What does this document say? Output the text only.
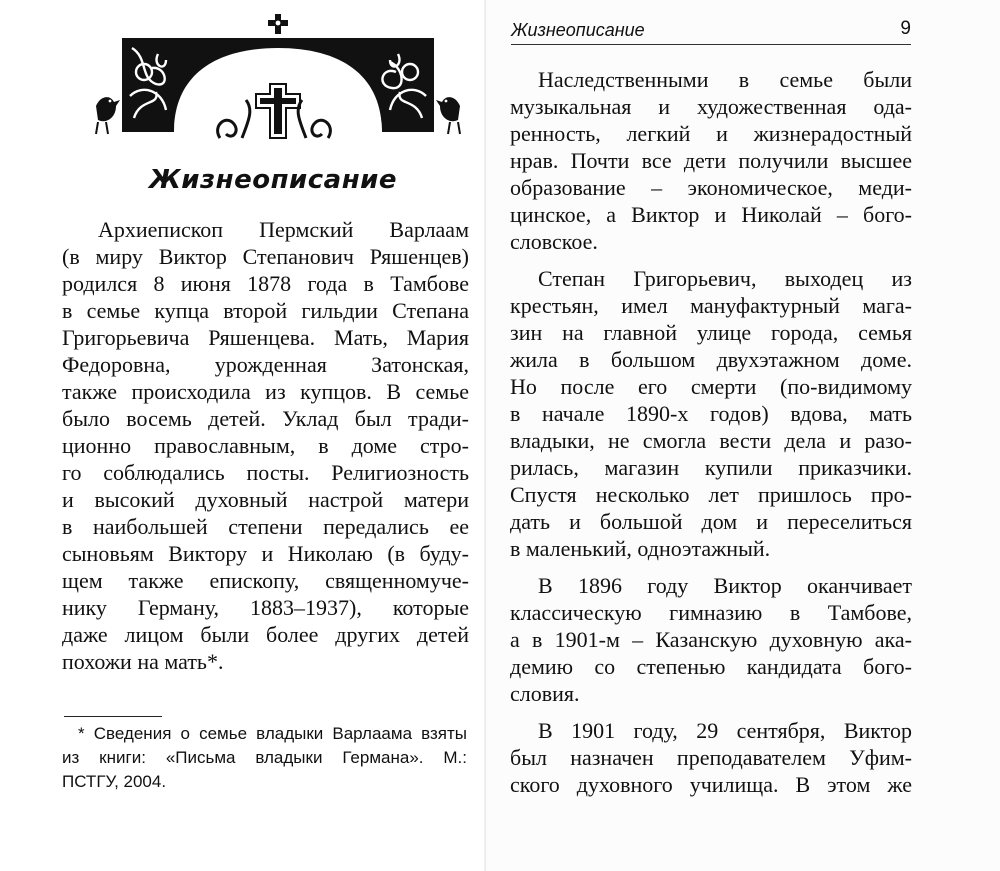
Жизнеописание
Архиепископ Пермский Варлаам
(в миру Виктор Степанович Ряшенцев)
родился 8 июня 1878 года в Тамбове
в семье купца второй гильдии Степана
Григорьевича Ряшенцева. Мать, Мария
Федоровна, урожденная Затонская,
также происходила из купцов. В семье
было восемь детей. Уклад был тради-
ционно православным, в доме стро-
го соблюдались посты. Религиозность
и высокий духовный настрой матери
в наибольшей степени передались ее
сыновьям Виктору и Николаю (в буду-
щем также епископу, священномуче-
нику Герману, 1883–1937), которые
даже лицом были более других детей
похожи на мать*.
* Сведения о семье владыки Варлаама взяты
из книги: «Письма владыки Германа». М.:
ПСТГУ, 2004.
Жизнеописание	9
Наследственными в семье были
музыкальная и художественная ода-
ренность, легкий и жизнерадостный
нрав. Почти все дети получили высшее
образование – экономическое, меди-
цинское, а Виктор и Николай – бого-
словское.
Степан Григорьевич, выходец из
крестьян, имел мануфактурный мага-
зин на главной улице города, семья
жила в большом двухэтажном доме.
Но после его смерти (по-видимому
в начале 1890-х годов) вдова, мать
владыки, не смогла вести дела и разо-
рилась, магазин купили приказчики.
Спустя несколько лет пришлось про-
дать и большой дом и переселиться
в маленький, одноэтажный.
В 1896 году Виктор оканчивает
классическую гимназию в Тамбове,
а в 1901-м – Казанскую духовную ака-
демию со степенью кандидата бого-
словия.
В 1901 году, 29 сентября, Виктор
был назначен преподавателем Уфим-
ского духовного училища. В этом же
